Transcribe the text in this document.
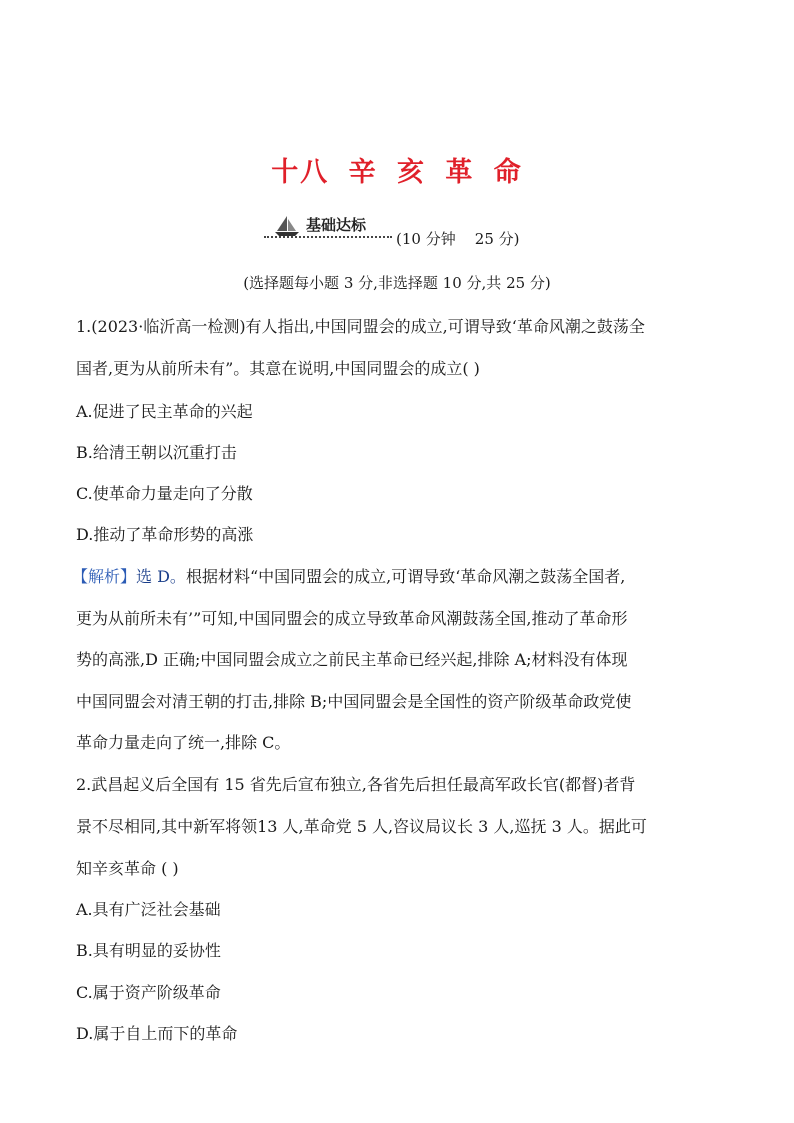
十八 辛 亥 革 命
基础达标
(10 分钟    25 分)
(选择题每小题 3 分,非选择题 10 分,共 25 分)
1.(2023·临沂高一检测)有人指出,中国同盟会的成立,可谓导致‘革命风潮之鼓荡全
国者,更为从前所未有”。其意在说明,中国同盟会的成立( )
A.促进了民主革命的兴起
B.给清王朝以沉重打击
C.使革命力量走向了分散
D.推动了革命形势的高涨
【解析】选 D。根据材料“中国同盟会的成立,可谓导致‘革命风潮之鼓荡全国者,
更为从前所未有’”可知,中国同盟会的成立导致革命风潮鼓荡全国,推动了革命形
势的高涨,D 正确;中国同盟会成立之前民主革命已经兴起,排除 A;材料没有体现
中国同盟会对清王朝的打击,排除 B;中国同盟会是全国性的资产阶级革命政党使
革命力量走向了统一,排除 C。
2.武昌起义后全国有 15 省先后宣布独立,各省先后担任最高军政长官(都督)者背
景不尽相同,其中新军将领13 人,革命党 5 人,咨议局议长 3 人,巡抚 3 人。据此可
知辛亥革命 ( )
A.具有广泛社会基础
B.具有明显的妥协性
C.属于资产阶级革命
D.属于自上而下的革命
